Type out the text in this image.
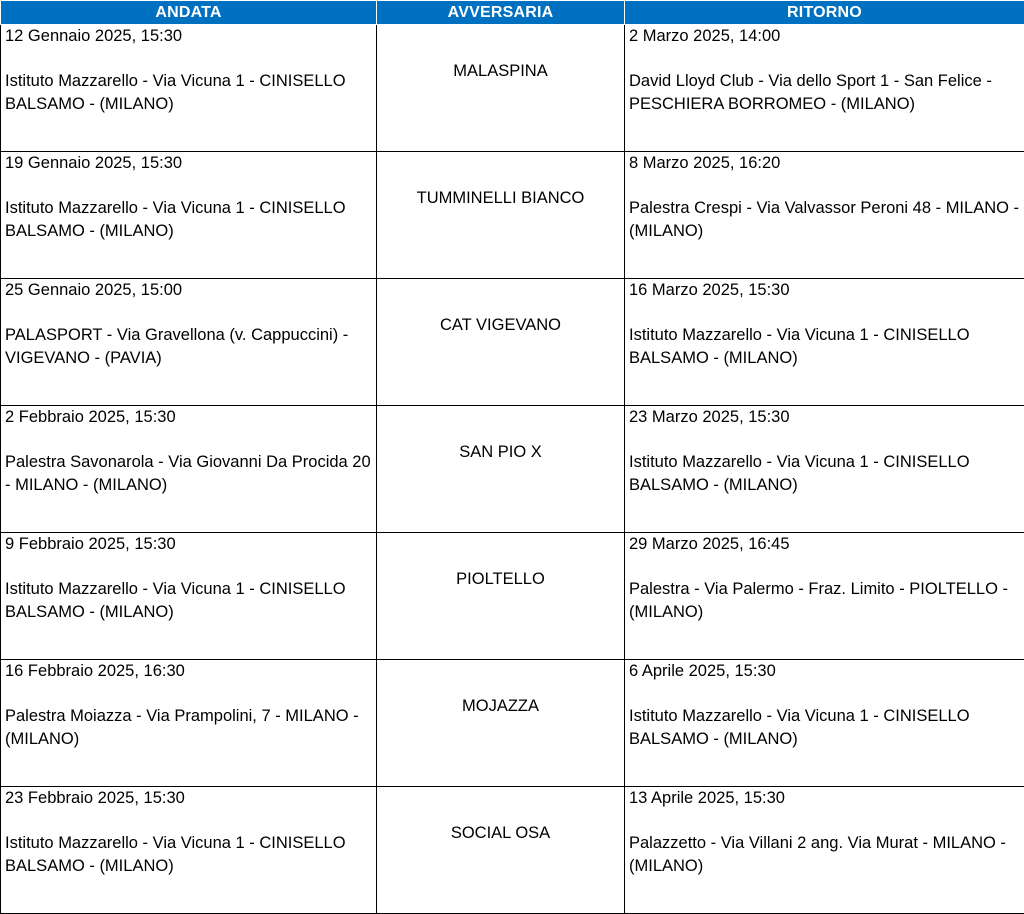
ANDATA	AVVERSARIA	RITORNO

12 Gennaio 2025, 15:30
Istituto Mazzarello - Via Vicuna 1 - CINISELLO BALSAMO - (MILANO)	MALASPINA	2 Marzo 2025, 14:00
David Lloyd Club - Via dello Sport 1 - San Felice - PESCHIERA BORROMEO - (MILANO)

19 Gennaio 2025, 15:30
Istituto Mazzarello - Via Vicuna 1 - CINISELLO BALSAMO - (MILANO)	TUMMINELLI BIANCO	8 Marzo 2025, 16:20
Palestra Crespi - Via Valvassor Peroni 48 - MILANO - (MILANO)

25 Gennaio 2025, 15:00
PALASPORT - Via Gravellona (v. Cappuccini) - VIGEVANO - (PAVIA)	CAT VIGEVANO	16 Marzo 2025, 15:30
Istituto Mazzarello - Via Vicuna 1 - CINISELLO BALSAMO - (MILANO)

2 Febbraio 2025, 15:30
Palestra Savonarola - Via Giovanni Da Procida 20 - MILANO - (MILANO)	SAN PIO X	23 Marzo 2025, 15:30
Istituto Mazzarello - Via Vicuna 1 - CINISELLO BALSAMO - (MILANO)

9 Febbraio 2025, 15:30
Istituto Mazzarello - Via Vicuna 1 - CINISELLO BALSAMO - (MILANO)	PIOLTELLO	29 Marzo 2025, 16:45
Palestra - Via Palermo - Fraz. Limito - PIOLTELLO - (MILANO)

16 Febbraio 2025, 16:30
Palestra Moiazza - Via Prampolini, 7 - MILANO - (MILANO)	MOJAZZA	6 Aprile 2025, 15:30
Istituto Mazzarello - Via Vicuna 1 - CINISELLO BALSAMO - (MILANO)

23 Febbraio 2025, 15:30
Istituto Mazzarello - Via Vicuna 1 - CINISELLO BALSAMO - (MILANO)	SOCIAL OSA	13 Aprile 2025, 15:30
Palazzetto - Via Villani 2 ang. Via Murat - MILANO - (MILANO)
